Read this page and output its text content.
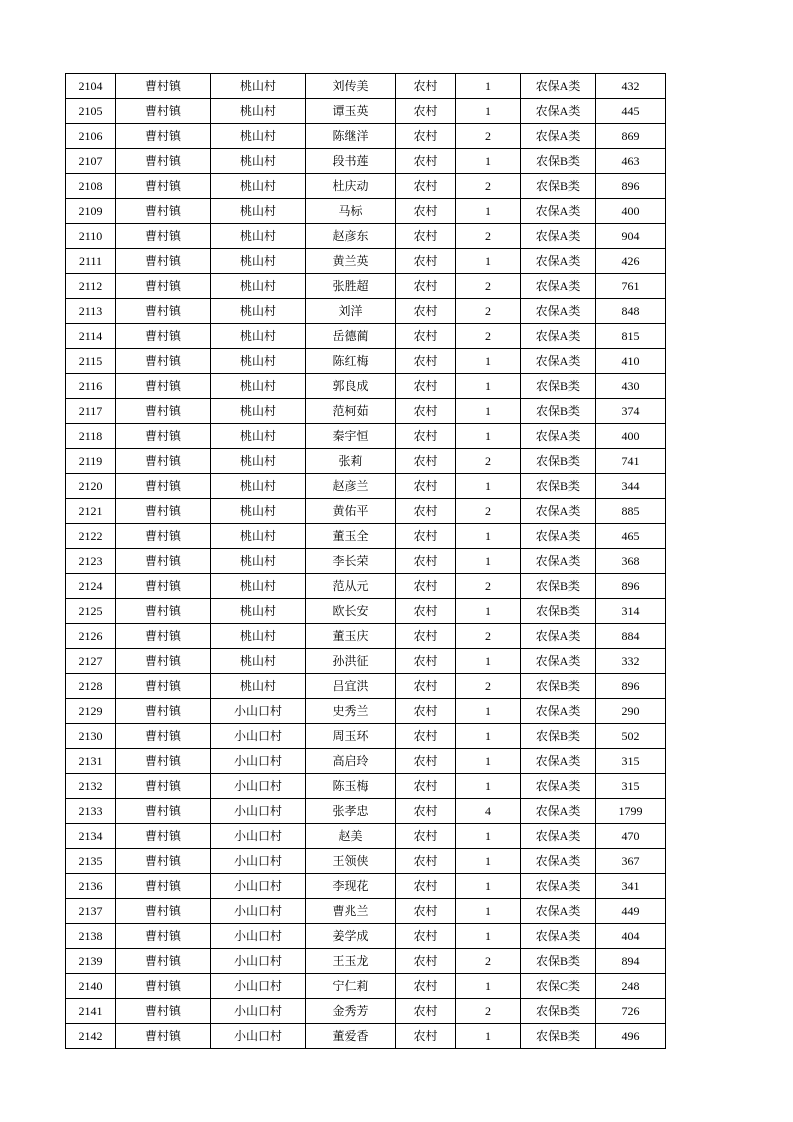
2104	曹村镇	桃山村	刘传美	农村	1	农保A类	432
2105	曹村镇	桃山村	谭玉英	农村	1	农保A类	445
2106	曹村镇	桃山村	陈继洋	农村	2	农保A类	869
2107	曹村镇	桃山村	段书莲	农村	1	农保B类	463
2108	曹村镇	桃山村	杜庆动	农村	2	农保B类	896
2109	曹村镇	桃山村	马标	农村	1	农保A类	400
2110	曹村镇	桃山村	赵彦东	农村	2	农保A类	904
2111	曹村镇	桃山村	黄兰英	农村	1	农保A类	426
2112	曹村镇	桃山村	张胜超	农村	2	农保A类	761
2113	曹村镇	桃山村	刘洋	农村	2	农保A类	848
2114	曹村镇	桃山村	岳德蔺	农村	2	农保A类	815
2115	曹村镇	桃山村	陈红梅	农村	1	农保A类	410
2116	曹村镇	桃山村	郭良成	农村	1	农保B类	430
2117	曹村镇	桃山村	范柯茹	农村	1	农保B类	374
2118	曹村镇	桃山村	秦宇恒	农村	1	农保A类	400
2119	曹村镇	桃山村	张莉	农村	2	农保B类	741
2120	曹村镇	桃山村	赵彦兰	农村	1	农保B类	344
2121	曹村镇	桃山村	黄佑平	农村	2	农保A类	885
2122	曹村镇	桃山村	董玉全	农村	1	农保A类	465
2123	曹村镇	桃山村	李长荣	农村	1	农保A类	368
2124	曹村镇	桃山村	范从元	农村	2	农保B类	896
2125	曹村镇	桃山村	欧长安	农村	1	农保B类	314
2126	曹村镇	桃山村	董玉庆	农村	2	农保A类	884
2127	曹村镇	桃山村	孙洪征	农村	1	农保A类	332
2128	曹村镇	桃山村	吕宜洪	农村	2	农保B类	896
2129	曹村镇	小山口村	史秀兰	农村	1	农保A类	290
2130	曹村镇	小山口村	周玉环	农村	1	农保B类	502
2131	曹村镇	小山口村	高启玲	农村	1	农保A类	315
2132	曹村镇	小山口村	陈玉梅	农村	1	农保A类	315
2133	曹村镇	小山口村	张孝忠	农村	4	农保A类	1799
2134	曹村镇	小山口村	赵美	农村	1	农保A类	470
2135	曹村镇	小山口村	王领侠	农村	1	农保A类	367
2136	曹村镇	小山口村	李现花	农村	1	农保A类	341
2137	曹村镇	小山口村	曹兆兰	农村	1	农保A类	449
2138	曹村镇	小山口村	姜学成	农村	1	农保A类	404
2139	曹村镇	小山口村	王玉龙	农村	2	农保B类	894
2140	曹村镇	小山口村	宁仁莉	农村	1	农保C类	248
2141	曹村镇	小山口村	金秀芳	农村	2	农保B类	726
2142	曹村镇	小山口村	董爱香	农村	1	农保B类	496
